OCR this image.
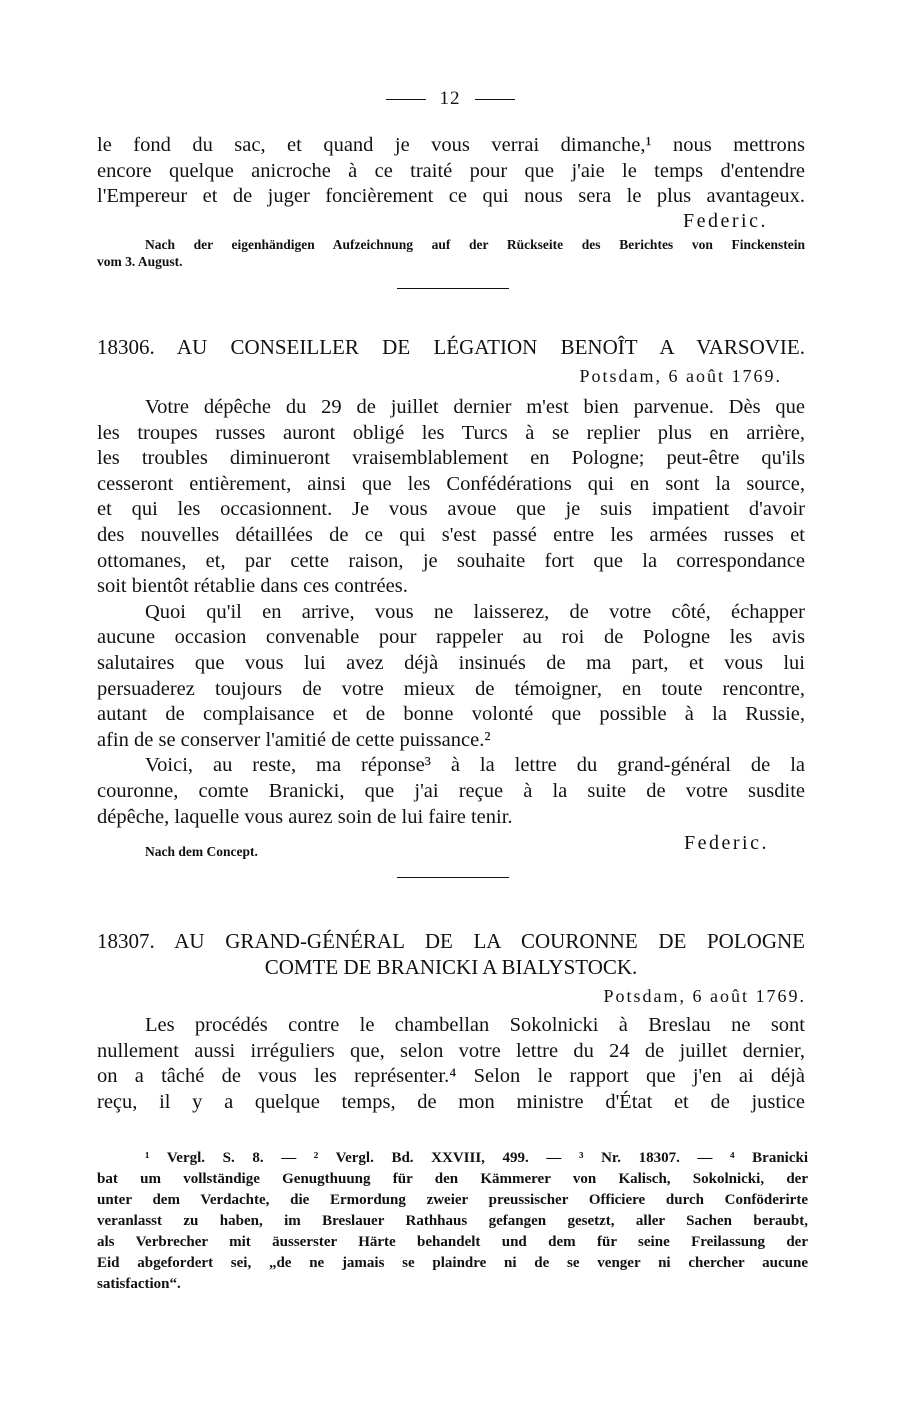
12
le fond du sac, et quand je vous verrai dimanche,¹ nous mettrons
encore quelque anicroche à ce traité pour que j'aie le temps d'entendre
l'Empereur et de juger foncièrement ce qui nous sera le plus avantageux.
Federic.
Nach der eigenhändigen Aufzeichnung auf der Rückseite des Berichtes von Finckenstein
vom 3. August.
18306. AU CONSEILLER DE LÉGATION BENOÎT A VARSOVIE.
Potsdam, 6 août 1769.
Votre dépêche du 29 de juillet dernier m'est bien parvenue. Dès que
les troupes russes auront obligé les Turcs à se replier plus en arrière,
les troubles diminueront vraisemblablement en Pologne; peut-être qu'ils
cesseront entièrement, ainsi que les Confédérations qui en sont la source,
et qui les occasionnent. Je vous avoue que je suis impatient d'avoir
des nouvelles détaillées de ce qui s'est passé entre les armées russes et
ottomanes, et, par cette raison, je souhaite fort que la correspondance
soit bientôt rétablie dans ces contrées.
Quoi qu'il en arrive, vous ne laisserez, de votre côté, échapper
aucune occasion convenable pour rappeler au roi de Pologne les avis
salutaires que vous lui avez déjà insinués de ma part, et vous lui
persuaderez toujours de votre mieux de témoigner, en toute rencontre,
autant de complaisance et de bonne volonté que possible à la Russie,
afin de se conserver l'amitié de cette puissance.²
Voici, au reste, ma réponse³ à la lettre du grand-général de la
couronne, comte Branicki, que j'ai reçue à la suite de votre susdite
dépêche, laquelle vous aurez soin de lui faire tenir.
Nach dem Concept.	Federic.
18307. AU GRAND-GÉNÉRAL DE LA COURONNE DE POLOGNE
COMTE DE BRANICKI A BIALYSTOCK.
Potsdam, 6 août 1769.
Les procédés contre le chambellan Sokolnicki à Breslau ne sont
nullement aussi irréguliers que, selon votre lettre du 24 de juillet dernier,
on a tâché de vous les représenter.⁴ Selon le rapport que j'en ai déjà
reçu, il y a quelque temps, de mon ministre d'État et de justice
¹ Vergl. S. 8. — ² Vergl. Bd. XXVIII, 499. — ³ Nr. 18307. — ⁴ Branicki
bat um vollständige Genugthuung für den Kämmerer von Kalisch, Sokolnicki, der
unter dem Verdachte, die Ermordung zweier preussischer Officiere durch Conföderirte
veranlasst zu haben, im Breslauer Rathhaus gefangen gesetzt, aller Sachen beraubt,
als Verbrecher mit äusserster Härte behandelt und dem für seine Freilassung der
Eid abgefordert sei, „de ne jamais se plaindre ni de se venger ni chercher aucune
satisfaction“.
